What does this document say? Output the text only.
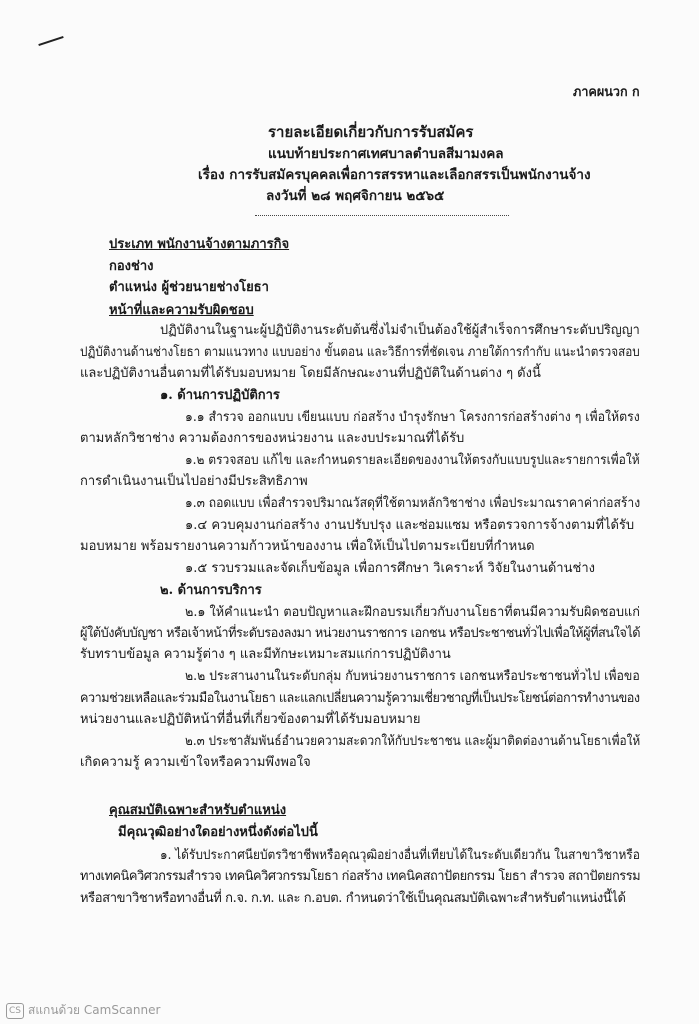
ภาคผนวก ก
รายละเอียดเกี่ยวกับการรับสมัคร
แนบท้ายประกาศเทศบาลตำบลสีมามงคล
เรื่อง การรับสมัครบุคคลเพื่อการสรรหาและเลือกสรรเป็นพนักงานจ้าง
ลงวันที่ ๒๘ พฤศจิกายน ๒๕๖๕
ประเภท พนักงานจ้างตามภารกิจ
กองช่าง
ตำแหน่ง ผู้ช่วยนายช่างโยธา
หน้าที่และความรับผิดชอบ
ปฏิบัติงานในฐานะผู้ปฏิบัติงานระดับต้นซึ่งไม่จำเป็นต้องใช้ผู้สำเร็จการศึกษาระดับปริญญา
ปฏิบัติงานด้านช่างโยธา ตามแนวทาง แบบอย่าง ขั้นตอน และวิธีการที่ชัดเจน ภายใต้การกำกับ แนะนำตรวจสอบ
และปฏิบัติงานอื่นตามที่ได้รับมอบหมาย โดยมีลักษณะงานที่ปฏิบัติในด้านต่าง ๆ ดังนี้
๑. ด้านการปฏิบัติการ
๑.๑ สำรวจ ออกแบบ เขียนแบบ ก่อสร้าง บำรุงรักษา โครงการก่อสร้างต่าง ๆ เพื่อให้ตรง
ตามหลักวิชาช่าง ความต้องการของหน่วยงาน และงบประมาณที่ได้รับ
๑.๒ ตรวจสอบ แก้ไข และกำหนดรายละเอียดของงานให้ตรงกับแบบรูปและรายการเพื่อให้
การดำเนินงานเป็นไปอย่างมีประสิทธิภาพ
๑.๓ ถอดแบบ เพื่อสำรวจปริมาณวัสดุที่ใช้ตามหลักวิชาช่าง เพื่อประมาณราคาค่าก่อสร้าง
๑.๔ ควบคุมงานก่อสร้าง งานปรับปรุง และซ่อมแซม หรือตรวจการจ้างตามที่ได้รับ
มอบหมาย พร้อมรายงานความก้าวหน้าของงาน เพื่อให้เป็นไปตามระเบียบที่กำหนด
๑.๕ รวบรวมและจัดเก็บข้อมูล เพื่อการศึกษา วิเคราะห์ วิจัยในงานด้านช่าง
๒. ด้านการบริการ
๒.๑ ให้คำแนะนำ ตอบปัญหาและฝึกอบรมเกี่ยวกับงานโยธาที่ตนมีความรับผิดชอบแก่
ผู้ใต้บังคับบัญชา หรือเจ้าหน้าที่ระดับรองลงมา หน่วยงานราชการ เอกชน หรือประชาชนทั่วไปเพื่อให้ผู้ที่สนใจได้
รับทราบข้อมูล ความรู้ต่าง ๆ และมีทักษะเหมาะสมแก่การปฏิบัติงาน
๒.๒ ประสานงานในระดับกลุ่ม กับหน่วยงานราชการ เอกชนหรือประชาชนทั่วไป เพื่อขอ
ความช่วยเหลือและร่วมมือในงานโยธา และแลกเปลี่ยนความรู้ความเชี่ยวชาญที่เป็นประโยชน์ต่อการทำงานของ
หน่วยงานและปฏิบัติหน้าที่อื่นที่เกี่ยวข้องตามที่ได้รับมอบหมาย
๒.๓ ประชาสัมพันธ์อำนวยความสะดวกให้กับประชาชน และผู้มาติดต่องานด้านโยธาเพื่อให้
เกิดความรู้ ความเข้าใจหรือความพึงพอใจ
คุณสมบัติเฉพาะสำหรับตำแหน่ง
มีคุณวุฒิอย่างใดอย่างหนึ่งดังต่อไปนี้
๑. ได้รับประกาศนียบัตรวิชาชีพหรือคุณวุฒิอย่างอื่นที่เทียบได้ในระดับเดียวกัน ในสาขาวิชาหรือ
ทางเทคนิควิศวกรรมสำรวจ เทคนิควิศวกรรมโยธา ก่อสร้าง เทคนิคสถาปัตยกรรม โยธา สำรวจ สถาปัตยกรรม
หรือสาขาวิชาหรือทางอื่นที่ ก.จ. ก.ท. และ ก.อบต. กำหนดว่าใช้เป็นคุณสมบัติเฉพาะสำหรับตำแหน่งนี้ได้
CS สแกนด้วย CamScanner
